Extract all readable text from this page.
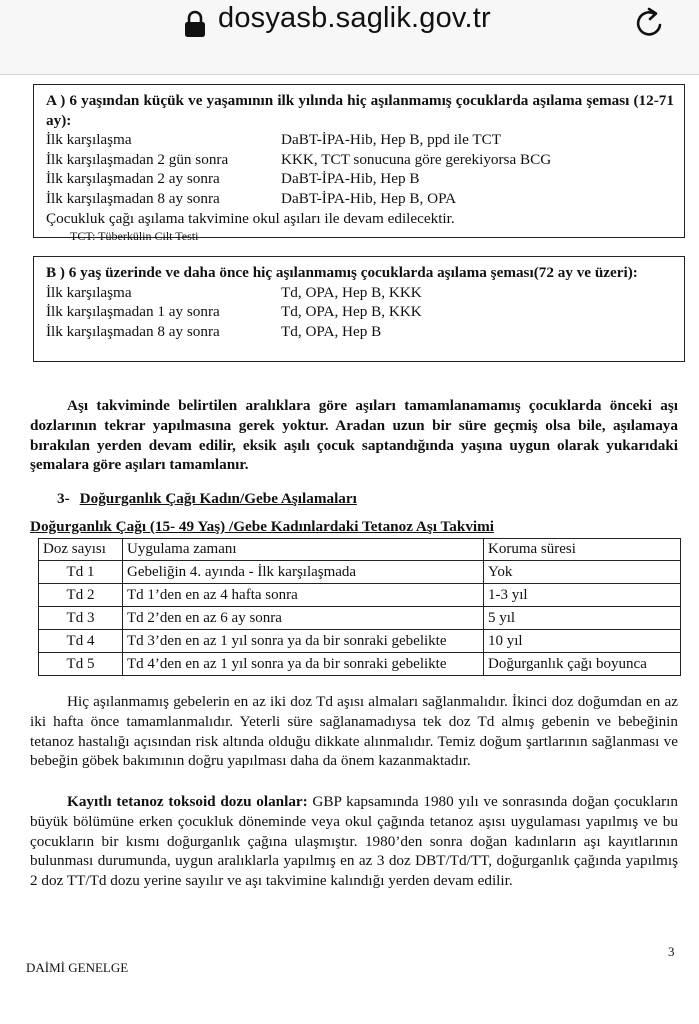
dosyasb.saglik.gov.tr
A ) 6 yaşından küçük ve yaşamının ilk yılında hiç aşılanmamış çocuklarda aşılama şeması (12-71 ay):
İlk karşılaşma	DaBT-İPA-Hib, Hep B, ppd ile TCT
İlk karşılaşmadan 2 gün sonra	KKK, TCT sonucuna göre gerekiyorsa BCG
İlk karşılaşmadan 2 ay sonra	DaBT-İPA-Hib, Hep B
İlk karşılaşmadan 8 ay sonra	DaBT-İPA-Hib, Hep B, OPA
Çocukluk çağı aşılama takvimine okul aşıları ile devam edilecektir.
TCT: Tüberkülin Cilt Testi
B ) 6 yaş üzerinde ve daha önce hiç aşılanmamış çocuklarda aşılama şeması(72 ay ve üzeri):
İlk karşılaşma	Td, OPA, Hep B, KKK
İlk karşılaşmadan 1 ay sonra	Td, OPA, Hep B, KKK
İlk karşılaşmadan 8 ay sonra	Td, OPA, Hep B
Aşı takviminde belirtilen aralıklara göre aşıları tamamlanamamış çocuklarda önceki aşı dozlarının tekrar yapılmasına gerek yoktur. Aradan uzun bir süre geçmiş olsa bile, aşılamaya bırakılan yerden devam edilir, eksik aşılı çocuk saptandığında yaşına uygun olarak yukarıdaki şemalara göre aşıları tamamlanır.
3- Doğurganlık Çağı Kadın/Gebe Aşılamaları
Doğurganlık Çağı (15- 49 Yaş) /Gebe Kadınlardaki Tetanoz Aşı Takvimi
Doz sayısı	Uygulama zamanı	Koruma süresi
Td 1	Gebeliğin 4. ayında - İlk karşılaşmada	Yok
Td 2	Td 1’den en az 4 hafta sonra	1-3 yıl
Td 3	Td 2’den en az 6 ay sonra	5 yıl
Td 4	Td 3’den en az 1 yıl sonra ya da bir sonraki gebelikte	10 yıl
Td 5	Td 4’den en az 1 yıl sonra ya da bir sonraki gebelikte	Doğurganlık çağı boyunca
Hiç aşılanmamış gebelerin en az iki doz Td aşısı almaları sağlanmalıdır. İkinci doz doğumdan en az iki hafta önce tamamlanmalıdır. Yeterli süre sağlanamadıysa tek doz Td almış gebenin ve bebeğinin tetanoz hastalığı açısından risk altında olduğu dikkate alınmalıdır. Temiz doğum şartlarının sağlanması ve bebeğin göbek bakımının doğru yapılması daha da önem kazanmaktadır.
Kayıtlı tetanoz toksoid dozu olanlar: GBP kapsamında 1980 yılı ve sonrasında doğan çocukların büyük bölümüne erken çocukluk döneminde veya okul çağında tetanoz aşısı uygulaması yapılmış ve bu çocukların bir kısmı doğurganlık çağına ulaşmıştır. 1980’den sonra doğan kadınların aşı kayıtlarının bulunması durumunda, uygun aralıklarla yapılmış en az 3 doz DBT/Td/TT, doğurganlık çağında yapılmış 2 doz TT/Td dozu yerine sayılır ve aşı takvimine kalındığı yerden devam edilir.
3
DAİMİ GENELGE
